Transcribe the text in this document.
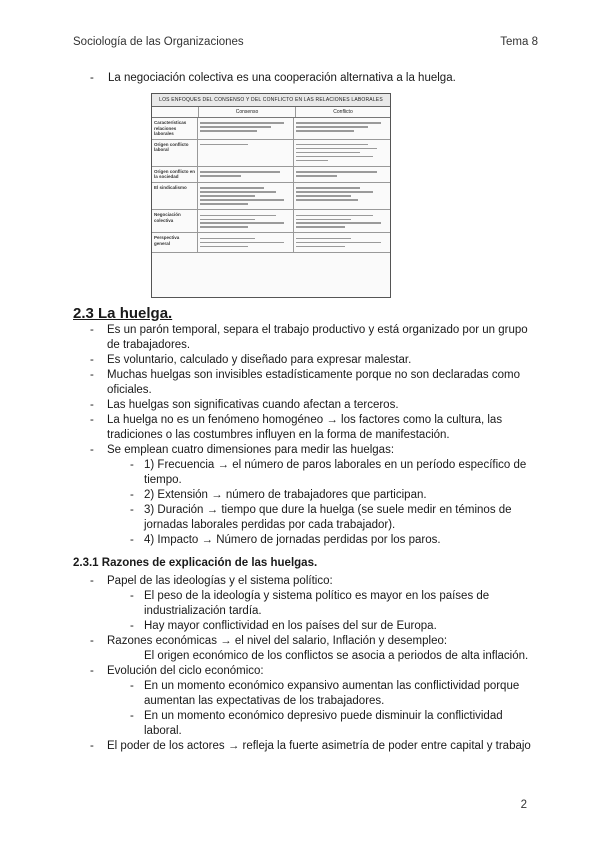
Sociología de las Organizaciones	Tema 8
- La negociación colectiva es una cooperación alternativa a la huelga.
LOS ENFOQUES DEL CONSENSO Y DEL CONFLICTO EN LAS RELACIONES LABORALES
Consenso	Conflicto
Características relaciones laborales
Origen conflicto laboral
Origen conflicto en la sociedad
El sindicalismo
Negociación colectiva
Perspectiva general
2.3 La huelga.
- Es un parón temporal, separa el trabajo productivo y está organizado por un grupo de trabajadores.
- Es voluntario, calculado y diseñado para expresar malestar.
- Muchas huelgas son invisibles estadísticamente porque no son declaradas como oficiales.
- Las huelgas son significativas cuando afectan a terceros.
- La huelga no es un fenómeno homogéneo → los factores como la cultura, las tradiciones o las costumbres influyen en la forma de manifestación.
- Se emplean cuatro dimensiones para medir las huelgas:
- 1) Frecuencia → el número de paros laborales en un período específico de tiempo.
- 2) Extensión → número de trabajadores que participan.
- 3) Duración → tiempo que dure la huelga (se suele medir en téminos de jornadas laborales perdidas por cada trabajador).
- 4) Impacto → Número de jornadas perdidas por los paros.
2.3.1 Razones de explicación de las huelgas.
- Papel de las ideologías y el sistema político:
- El peso de la ideología y sistema político es mayor en los países de industrialización tardía.
- Hay mayor conflictividad en los países del sur de Europa.
- Razones económicas → el nivel del salario, Inflación y desempleo:
El origen económico de los conflictos se asocia a periodos de alta inflación.
- Evolución del ciclo económico:
- En un momento económico expansivo aumentan las conflictividad porque aumentan las expectativas de los trabajadores.
- En un momento económico depresivo puede disminuir la conflictividad laboral.
- El poder de los actores → refleja la fuerte asimetría de poder entre capital y trabajo
2
